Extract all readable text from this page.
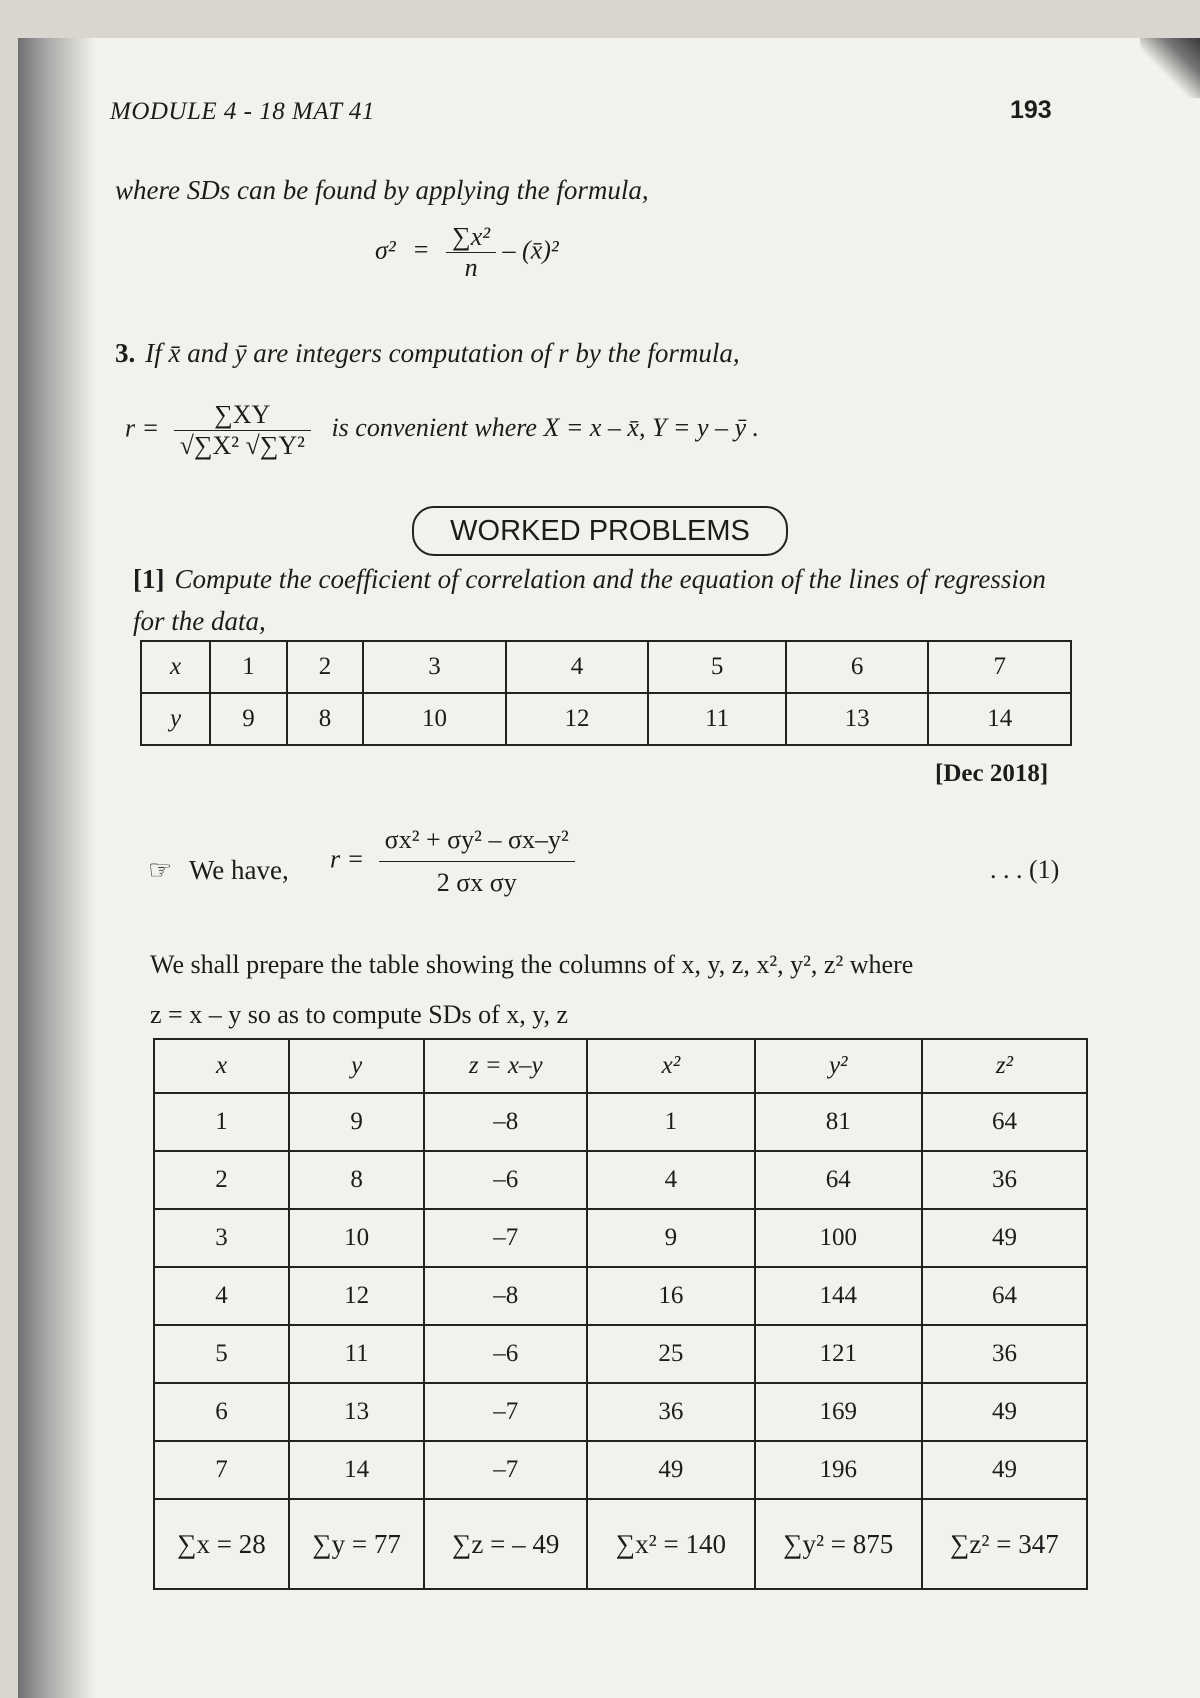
MODULE 4 - 18 MAT 41	193
where SDs can be found by applying the formula,
$\sigma^2 = \frac{\text{∑x²}}{n}$ – (x̄)²
3. If x̄ and ȳ are integers computation of r by the formula,
$r = \frac{\sum XY}{\text{√∑X² √∑Y²}}$ is convenient where X = x – x̄, Y = y – ȳ .
WORKED PROBLEMS
[1] Compute the coefficient of correlation and the equation of the lines of regression for the data,
x	1	2	3	4	5	6	7
y	9	8	10	12	11	13	14
[Dec 2018]
☞ We have, $r = \frac{\text{σx² + σy² – σx–y²}}{\text{2 σx σy}}$	. . . (1)
We shall prepare the table showing the columns of x, y, z, x², y², z² where
z = x – y so as to compute SDs of x, y, z
x	y	z = x–y	x²	y²	z²
1	9	–8	1	81	64
2	8	–6	4	64	36
3	10	–7	9	100	49
4	12	–8	16	144	64
5	11	–6	25	121	36
6	13	–7	36	169	49
7	14	–7	49	196	49
∑x = 28	∑y = 77	∑z = – 49	∑x² = 140	∑y² = 875	∑z² = 347
